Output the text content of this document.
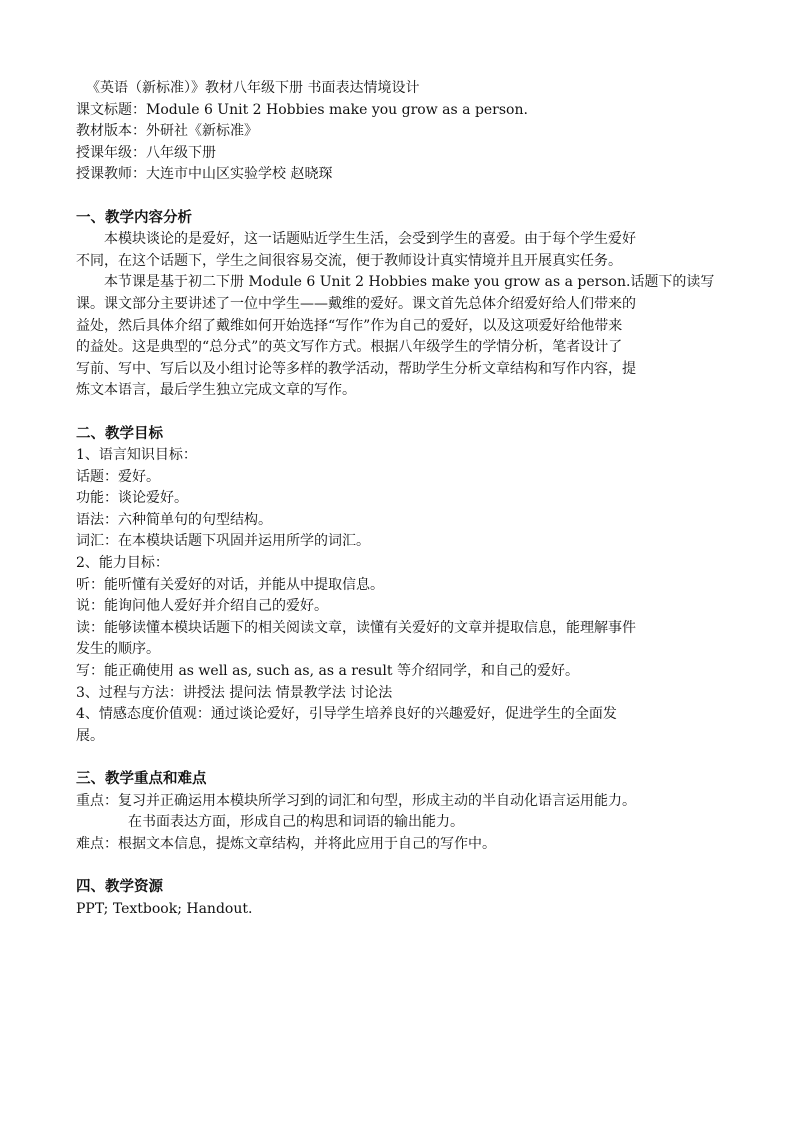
《英语（新标准）》教材八年级下册 书面表达情境设计

课文标题：Module 6 Unit 2 Hobbies make you grow as a person.

教材版本：外研社《新标准》

授课年级：八年级下册

授课教师：大连市中山区实验学校 赵晓琛

一、教学内容分析

本模块谈论的是爱好，这一话题贴近学生生活，会受到学生的喜爱。由于每个学生爱好

不同，在这个话题下，学生之间很容易交流，便于教师设计真实情境并且开展真实任务。

本节课是基于初二下册 Module 6 Unit 2 Hobbies make you grow as a person.话题下的读写

课。课文部分主要讲述了一位中学生——戴维的爱好。课文首先总体介绍爱好给人们带来的

益处，然后具体介绍了戴维如何开始选择“写作”作为自己的爱好，以及这项爱好给他带来

的益处。这是典型的“总分式”的英文写作方式。根据八年级学生的学情分析，笔者设计了

写前、写中、写后以及小组讨论等多样的教学活动，帮助学生分析文章结构和写作内容，提

炼文本语言，最后学生独立完成文章的写作。

二、教学目标

1、语言知识目标：

话题：爱好。

功能：谈论爱好。

语法：六种简单句的句型结构。

词汇：在本模块话题下巩固并运用所学的词汇。

2、能力目标：

听：能听懂有关爱好的对话，并能从中提取信息。

说：能询问他人爱好并介绍自己的爱好。

读：能够读懂本模块话题下的相关阅读文章，读懂有关爱好的文章并提取信息，能理解事件

发生的顺序。

写：能正确使用 as well as, such as, as a result 等介绍同学，和自己的爱好。

3、过程与方法：讲授法 提问法 情景教学法 讨论法

4、情感态度价值观：通过谈论爱好，引导学生培养良好的兴趣爱好，促进学生的全面发

展。

三、教学重点和难点

重点：复习并正确运用本模块所学习到的词汇和句型，形成主动的半自动化语言运用能力。

在书面表达方面，形成自己的构思和词语的输出能力。

难点：根据文本信息，提炼文章结构，并将此应用于自己的写作中。

四、教学资源

PPT; Textbook; Handout.
